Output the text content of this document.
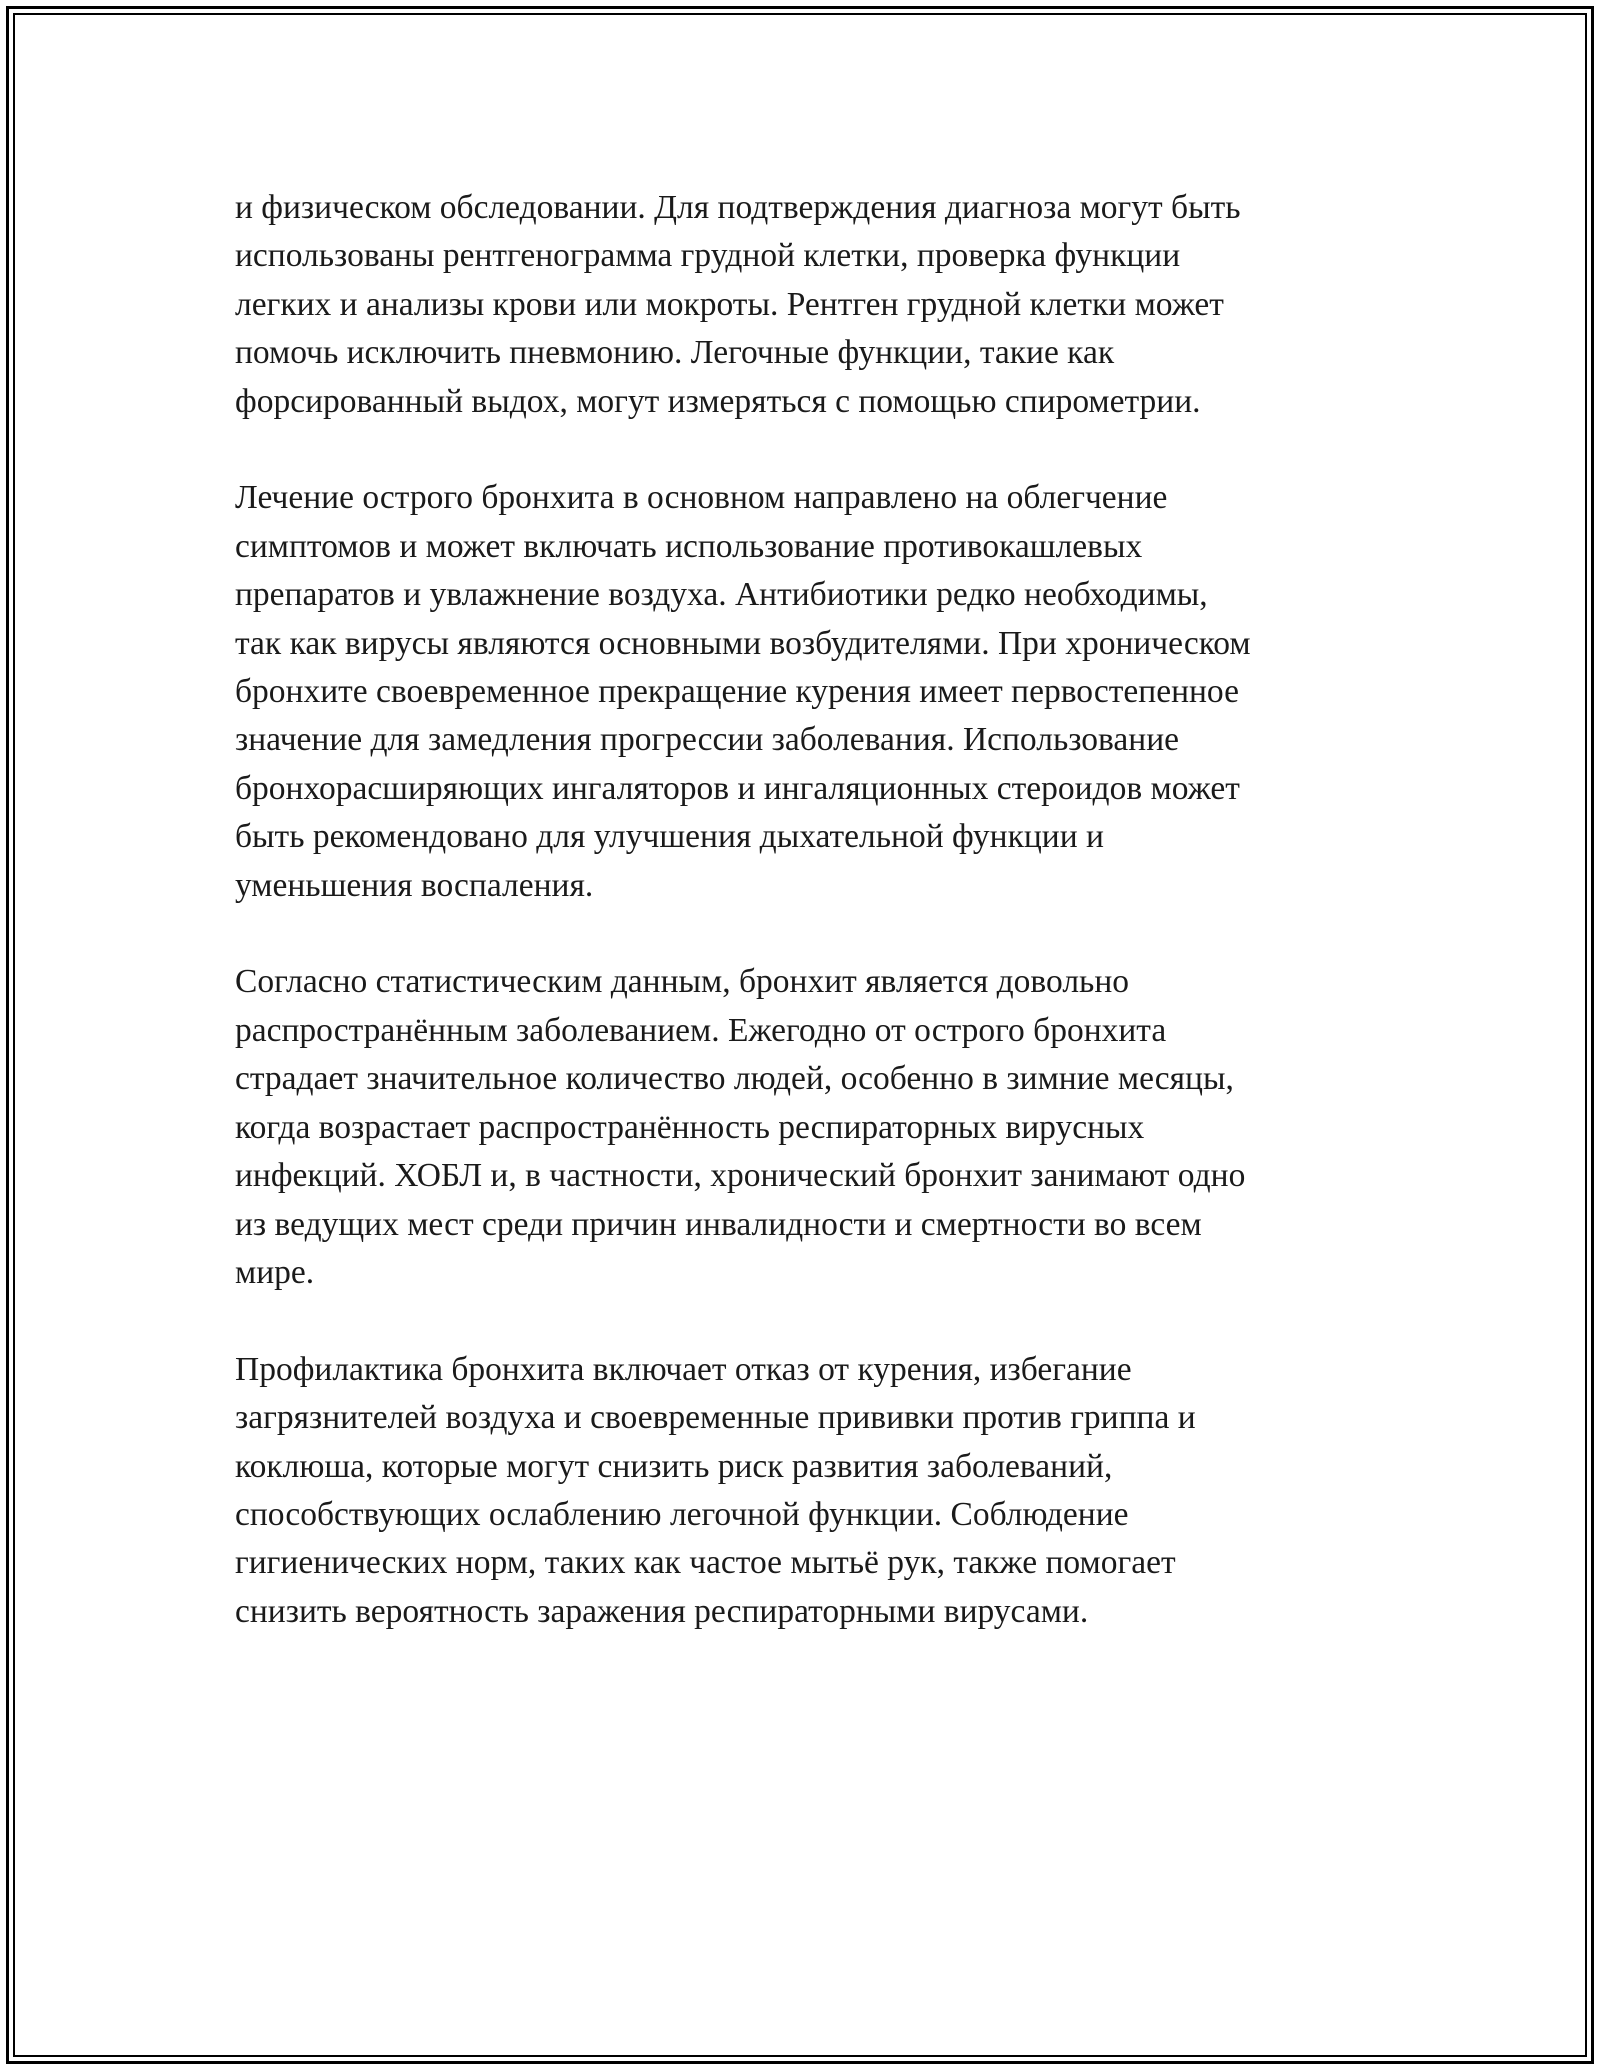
и физическом обследовании. Для подтверждения диагноза могут быть
использованы рентгенограмма грудной клетки, проверка функции
легких и анализы крови или мокроты. Рентген грудной клетки может
помочь исключить пневмонию. Легочные функции, такие как
форсированный выдох, могут измеряться с помощью спирометрии.

Лечение острого бронхита в основном направлено на облегчение
симптомов и может включать использование противокашлевых
препаратов и увлажнение воздуха. Антибиотики редко необходимы,
так как вирусы являются основными возбудителями. При хроническом
бронхите своевременное прекращение курения имеет первостепенное
значение для замедления прогрессии заболевания. Использование
бронхорасширяющих ингаляторов и ингаляционных стероидов может
быть рекомендовано для улучшения дыхательной функции и
уменьшения воспаления.

Согласно статистическим данным, бронхит является довольно
распространённым заболеванием. Ежегодно от острого бронхита
страдает значительное количество людей, особенно в зимние месяцы,
когда возрастает распространённость респираторных вирусных
инфекций. ХОБЛ и, в частности, хронический бронхит занимают одно
из ведущих мест среди причин инвалидности и смертности во всем
мире.

Профилактика бронхита включает отказ от курения, избегание
загрязнителей воздуха и своевременные прививки против гриппа и
коклюша, которые могут снизить риск развития заболеваний,
способствующих ослаблению легочной функции. Соблюдение
гигиенических норм, таких как частое мытьё рук, также помогает
снизить вероятность заражения респираторными вирусами.
